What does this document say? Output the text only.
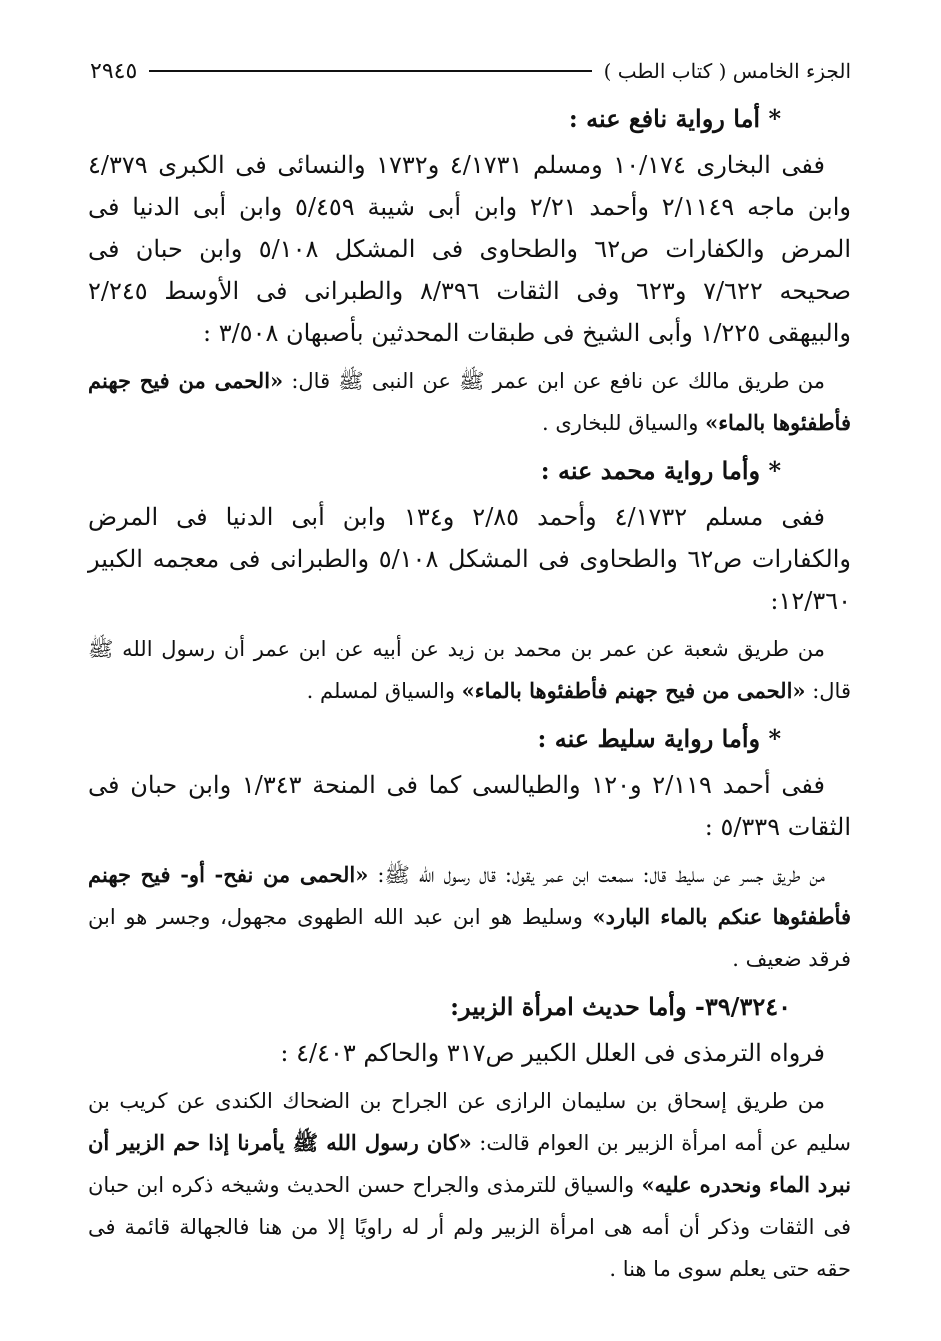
الجزء الخامس ( كتاب الطب )
٢٩٤٥

* أما رواية نافع عنه :

ففى البخارى ١٠/١٧٤ ومسلم ٤/١٧٣١ و١٧٣٢ والنسائى فى الكبرى ٤/٣٧٩ وابن ماجه ٢/١١٤٩ وأحمد ٢/٢١ وابن أبى شيبة ٥/٤٥٩ وابن أبى الدنيا فى المرض والكفارات ص٦٢ والطحاوى فى المشكل ٥/١٠٨ وابن حبان فى صحيحه ٧/٦٢٢ و٦٢٣ وفى الثقات ٨/٣٩٦ والطبرانى فى الأوسط ٢/٢٤٥ والبيهقى ١/٢٢٥ وأبى الشيخ فى طبقات المحدثين بأصبهان ٣/٥٠٨ :

من طريق مالك عن نافع عن ابن عمر ﷺ عن النبى ﷺ قال: «الحمى من فيح جهنم فأطفئوها بالماء» والسياق للبخارى .

* وأما رواية محمد عنه :

ففى مسلم ٤/١٧٣٢ وأحمد ٢/٨٥ و١٣٤ وابن أبى الدنيا فى المرض والكفارات ص٦٢ والطحاوى فى المشكل ٥/١٠٨ والطبرانى فى معجمه الكبير ١٢/٣٦٠:

من طريق شعبة عن عمر بن محمد بن زيد عن أبيه عن ابن عمر أن رسول الله ﷺ قال: «الحمى من فيح جهنم فأطفئوها بالماء» والسياق لمسلم .

* وأما رواية سليط عنه :

ففى أحمد ٢/١١٩ و١٢٠ والطيالسى كما فى المنحة ١/٣٤٣ وابن حبان فى الثقات ٥/٣٣٩ :

من طريق جسر عن سليط قال: سمعت ابن عمر يقول: قال رسول الله ﷺ: «الحمى من نفح- أو- فيح جهنم فأطفئوها عنكم بالماء البارد» وسليط هو ابن عبد الله الطهوى مجهول، وجسر هو ابن فرقد ضعيف .

٣٩/٣٢٤٠- وأما حديث امرأة الزبير:

فرواه الترمذى فى العلل الكبير ص٣١٧ والحاكم ٤/٤٠٣ :

من طريق إسحاق بن سليمان الرازى عن الجراح بن الضحاك الكندى عن كريب بن سليم عن أمه امرأة الزبير بن العوام قالت: «كان رسول الله ﷺ يأمرنا إذا حم الزبير أن نبرد الماء ونحدره عليه» والسياق للترمذى والجراح حسن الحديث وشيخه ذكره ابن حبان فى الثقات وذكر أن أمه هى امرأة الزبير ولم أر له راويًا إلا من هنا فالجهالة قائمة فى حقه حتى يعلم سوى ما هنا .
